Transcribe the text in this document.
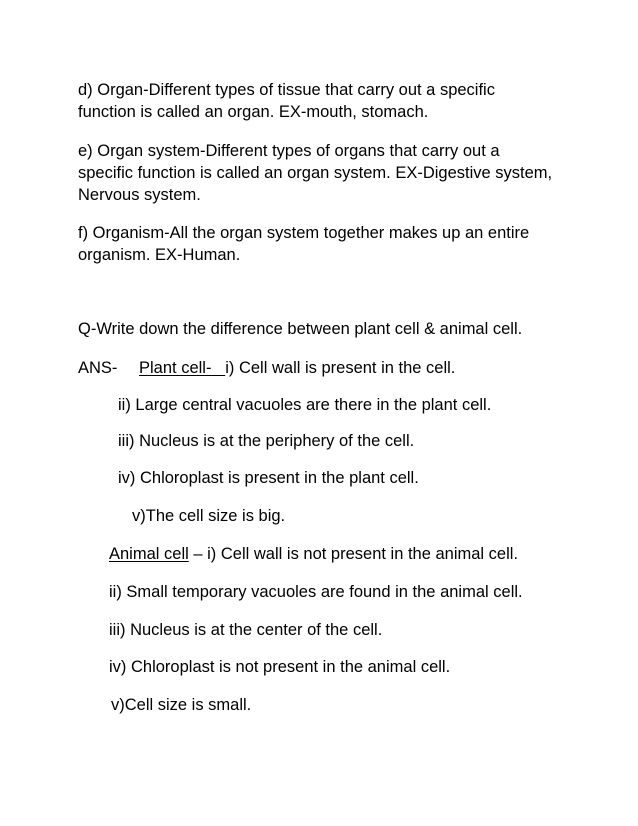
d) Organ-Different types of tissue that carry out a specific

function is called an organ. EX-mouth, stomach.

e) Organ system-Different types of organs that carry out a

specific function is called an organ system. EX-Digestive system,

Nervous system.

f) Organism-All the organ system together makes up an entire

organism. EX-Human.

Q-Write down the difference between plant cell & animal cell.

ANS- Plant cell- i) Cell wall is present in the cell.

ii) Large central vacuoles are there in the plant cell.

iii) Nucleus is at the periphery of the cell.

iv) Chloroplast is present in the plant cell.

v)The cell size is big.

Animal cell – i) Cell wall is not present in the animal cell.

ii) Small temporary vacuoles are found in the animal cell.

iii) Nucleus is at the center of the cell.

iv) Chloroplast is not present in the animal cell.

v)Cell size is small.
